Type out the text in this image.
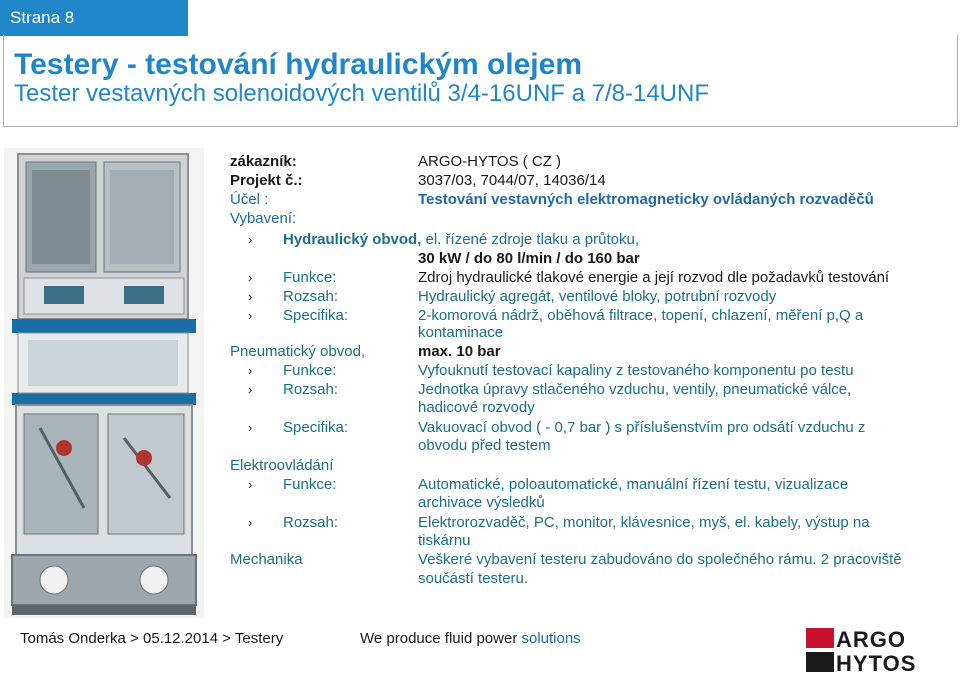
Strana 8
Testery - testování hydraulickým olejem
Tester vestavných solenoidových ventilů 3/4-16UNF a 7/8-14UNF
zákazník:	ARGO-HYTOS ( CZ )
Projekt č.:	3037/03, 7044/07, 14036/14
Účel :	Testování vestavných elektromagneticky ovládaných rozvaděčů
Vybavení:
›	Hydraulický obvod, el. řízené zdroje tlaku a průtoku,
30 kW / do 80 l/min / do 160 bar
›	Funkce:	Zdroj hydraulické tlakové energie a její rozvod dle požadavků testování
›	Rozsah:	Hydraulický agregát, ventilové bloky, potrubní rozvody
›	Specifika:	2-komorová nádrž, oběhová filtrace, topení, chlazení, měření p,Q a
kontaminace
Pneumatický obvod,	max. 10 bar
›	Funkce:	Vyfouknutí testovací kapaliny z testovaného komponentu po testu
›	Rozsah:	Jednotka úpravy stlačeného vzduchu, ventily, pneumatické válce,
hadicové rozvody
›	Specifika:	Vakuovací obvod ( - 0,7 bar ) s příslušenstvím pro odsátí vzduchu z
obvodu před testem
Elektroovládání
›	Funkce:	Automatické, poloautomatické, manuální řízení testu, vizualizace
archivace výsledků
›	Rozsah:	Elektrorozvaděč, PC, monitor, klávesnice, myš, el. kabely, výstup na
tiskárnu
Mechanika	Veškeré vybavení testeru zabudováno do společného rámu. 2 pracoviště
součástí testeru.
Tomás Onderka > 05.12.2014 > Testery	We produce fluid power solutions	ARGO
HYTOS
